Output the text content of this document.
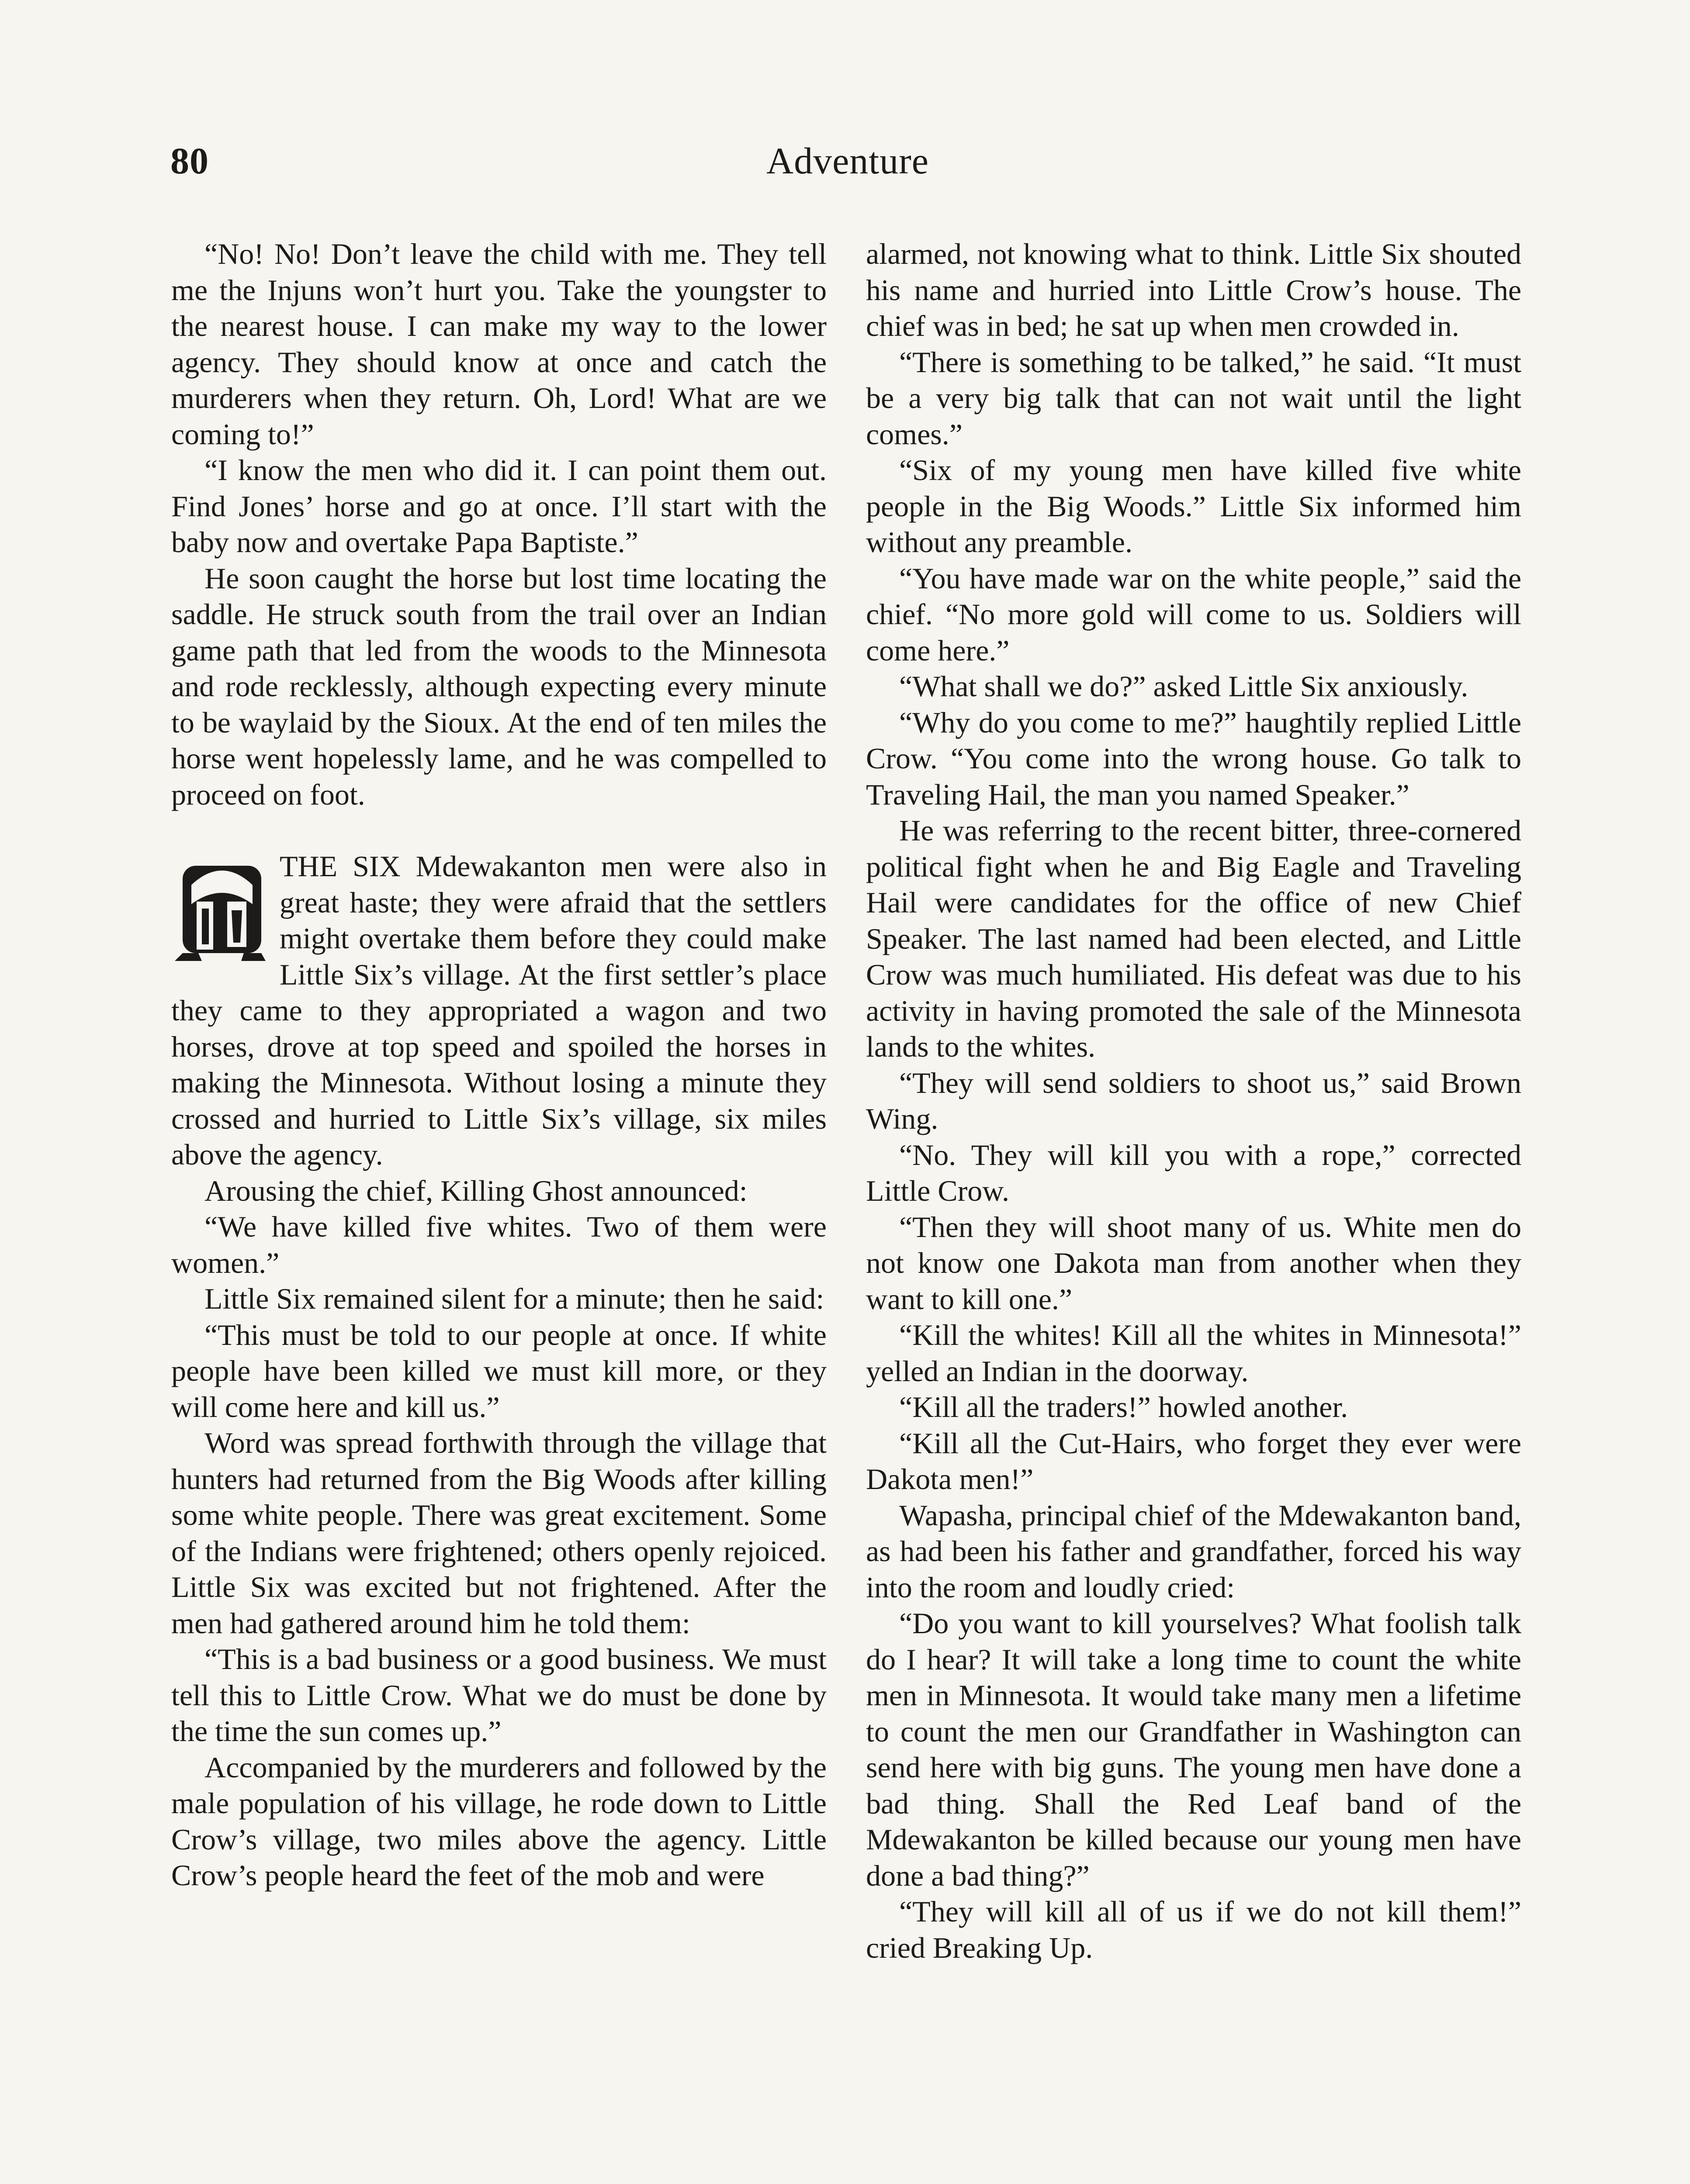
80	Adventure

“No! No! Don’t leave the child with me. They tell me the Injuns won’t hurt you. Take the youngster to the nearest house. I can make my way to the lower agency. They should know at once and catch the murderers when they return. Oh, Lord! What are we coming to!”

“I know the men who did it. I can point them out. Find Jones’ horse and go at once. I’ll start with the baby now and overtake Papa Baptiste.”

He soon caught the horse but lost time locating the saddle. He struck south from the trail over an Indian game path that led from the woods to the Minnesota and rode recklessly, although expecting every minute to be waylaid by the Sioux. At the end of ten miles the horse went hopelessly lame, and he was compelled to proceed on foot.

THE SIX Mdewakanton men were also in great haste; they were afraid that the settlers might overtake them before they could make Little Six’s village. At the first settler’s place they came to they appropriated a wagon and two horses, drove at top speed and spoiled the horses in making the Minnesota. Without losing a minute they crossed and hurried to Little Six’s village, six miles above the agency.

Arousing the chief, Killing Ghost announced:

“We have killed five whites. Two of them were women.”

Little Six remained silent for a minute; then he said:

“This must be told to our people at once. If white people have been killed we must kill more, or they will come here and kill us.”

Word was spread forthwith through the village that hunters had returned from the Big Woods after killing some white people. There was great excitement. Some of the Indians were frightened; others openly rejoiced. Little Six was excited but not frightened. After the men had gathered around him he told them:

“This is a bad business or a good business. We must tell this to Little Crow. What we do must be done by the time the sun comes up.”

Accompanied by the murderers and followed by the male population of his village, he rode down to Little Crow’s village, two miles above the agency. Little Crow’s people heard the feet of the mob and were

alarmed, not knowing what to think. Little Six shouted his name and hurried into Little Crow’s house. The chief was in bed; he sat up when men crowded in.

“There is something to be talked,” he said. “It must be a very big talk that can not wait until the light comes.”

“Six of my young men have killed five white people in the Big Woods.” Little Six informed him without any preamble.

“You have made war on the white people,” said the chief. “No more gold will come to us. Soldiers will come here.”

“What shall we do?” asked Little Six anxiously.

“Why do you come to me?” haughtily replied Little Crow. “You come into the wrong house. Go talk to Traveling Hail, the man you named Speaker.”

He was referring to the recent bitter, three-cornered political fight when he and Big Eagle and Traveling Hail were candidates for the office of new Chief Speaker. The last named had been elected, and Little Crow was much humiliated. His defeat was due to his activity in having promoted the sale of the Minnesota lands to the whites.

“They will send soldiers to shoot us,” said Brown Wing.

“No. They will kill you with a rope,” corrected Little Crow.

“Then they will shoot many of us. White men do not know one Dakota man from another when they want to kill one.”

“Kill the whites! Kill all the whites in Minnesota!” yelled an Indian in the doorway.

“Kill all the traders!” howled another.

“Kill all the Cut-Hairs, who forget they ever were Dakota men!”

Wapasha, principal chief of the Mdewakanton band, as had been his father and grandfather, forced his way into the room and loudly cried:

“Do you want to kill yourselves? What foolish talk do I hear? It will take a long time to count the white men in Minnesota. It would take many men a lifetime to count the men our Grandfather in Washington can send here with big guns. The young men have done a bad thing. Shall the Red Leaf band of the Mdewakanton be killed because our young men have done a bad thing?”

“They will kill all of us if we do not kill them!” cried Breaking Up.
